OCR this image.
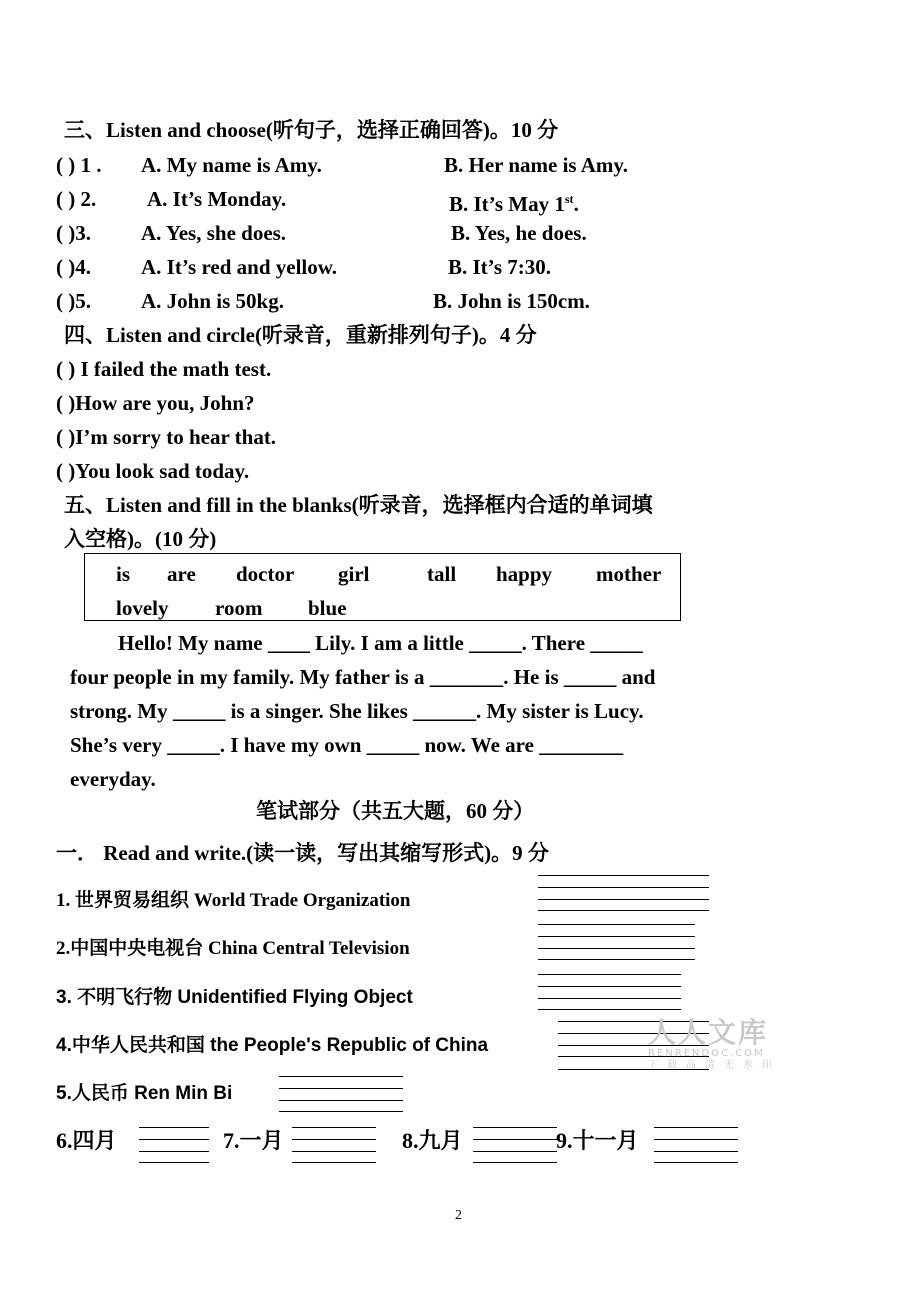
三、Listen and choose(听句子，选择正确回答)。10 分
( ) 1 . A. My name is Amy.	B. Her name is Amy.
( ) 2. A. It’s Monday.	B. It’s May 1st.
( )3. A. Yes, she does.	B. Yes, he does.
( )4. A. It’s red and yellow.	B. It’s 7:30.
( )5. A. John is 50kg.	B. John is 150cm.
四、Listen and circle(听录音，重新排列句子)。4 分
( ) I failed the math test.
( )How are you, John?
( )I’m sorry to hear that.
( )You look sad today.
五、Listen and fill in the blanks(听录音，选择框内合适的单词填
入空格)。(10 分)
is are doctor girl	tall happy mother
lovely room blue
Hello! My name ____ Lily. I am a little _____. There _____
four people in my family. My father is a _______. He is _____ and
strong. My _____ is a singer. She likes ______. My sister is Lucy.
She’s very _____. I have my own _____ now. We are ________
everyday.
笔试部分（共五大题，60 分）
一． Read and write.(读一读，写出其缩写形式)。9 分
1. 世界贸易组织 World Trade Organization
2.中国中央电视台 China Central Television
3. 不明飞行物 Unidentified Flying Object
4.中华人民共和国 the People's Republic of China
5.人民币 Ren Min Bi
6.四月	7.一月	8.九月	9.十一月
人人文库
RENRENDOC.COM
下载高清无水印
2
